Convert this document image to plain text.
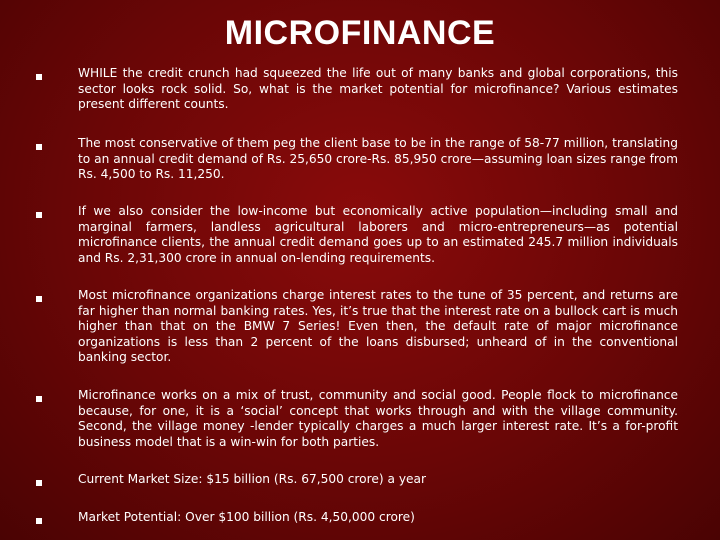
MICROFINANCE
WHILE the credit crunch had squeezed the life out of many banks and global corporations, this sector looks rock solid. So, what is the market potential for microfinance? Various estimates present different counts.
The most conservative of them peg the client base to be in the range of 58-77 million, translating to an annual credit demand of Rs. 25,650 crore-Rs. 85,950 crore—assuming loan sizes range from Rs. 4,500 to Rs. 11,250.
If we also consider the low-income but economically active population—including small and marginal farmers, landless agricultural laborers and micro-entrepreneurs—as potential microfinance clients, the annual credit demand goes up to an estimated 245.7 million individuals and Rs. 2,31,300 crore in annual on-lending requirements.
Most microfinance organizations charge interest rates to the tune of 35 percent, and returns are far higher than normal banking rates. Yes, it’s true that the interest rate on a bullock cart is much higher than that on the BMW 7 Series! Even then, the default rate of major microfinance organizations is less than 2 percent of the loans disbursed; unheard of in the conventional banking sector.
Microfinance works on a mix of trust, community and social good. People flock to microfinance because, for one, it is a ‘social’ concept that works through and with the village community. Second, the village money -lender typically charges a much larger interest rate. It’s a for-profit business model that is a win-win for both parties.
Current Market Size: $15 billion (Rs. 67,500 crore) a year
Market Potential: Over $100 billion (Rs. 4,50,000 crore)
